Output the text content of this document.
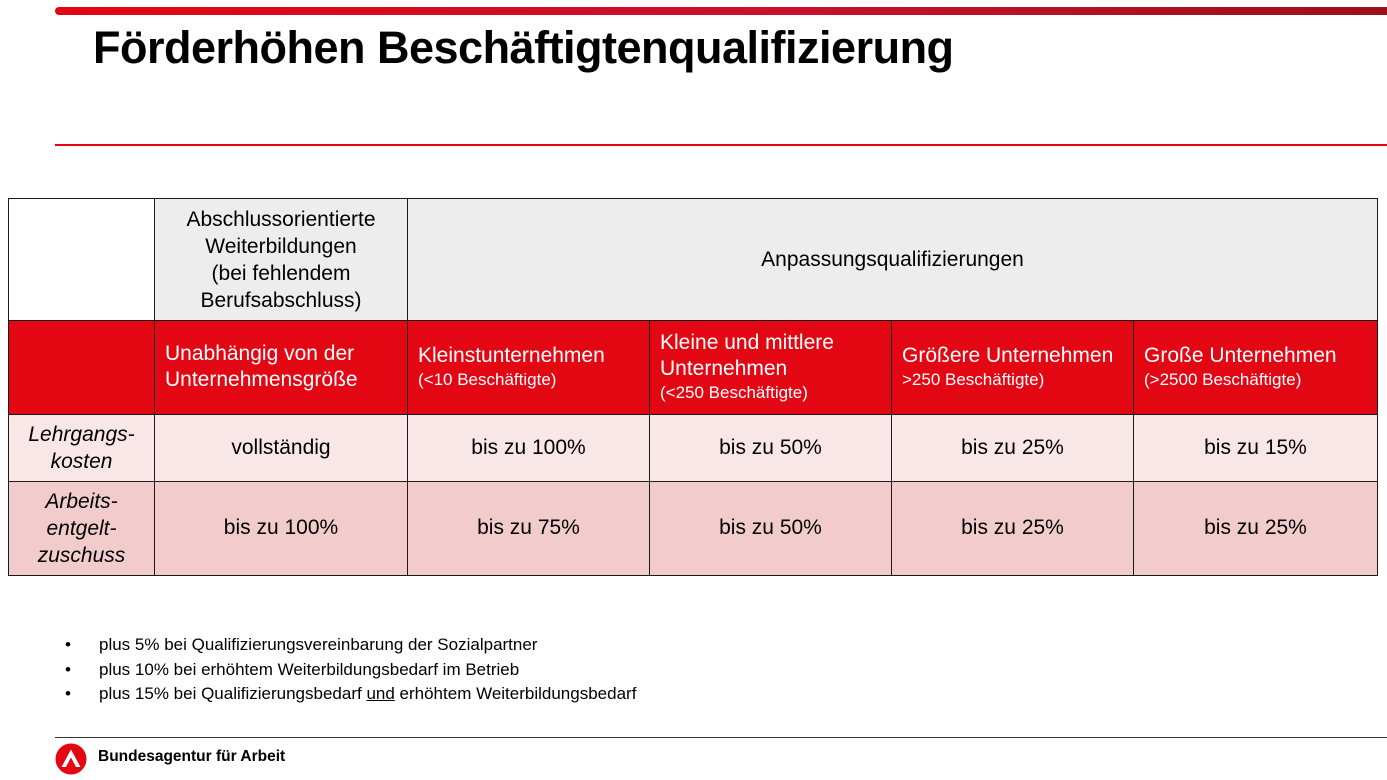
Förderhöhen Beschäftigtenqualifizierung
	Abschlussorientierte
Weiterbildungen
(bei fehlendem
Berufsabschluss)	Anpassungsqualifizierungen			

	Unabhängig von der
Unternehmensgröße	Kleinstunternehmen
(<10 Beschäftigte)	Kleine und mittlere
Unternehmen
(<250 Beschäftigte)	Größere Unternehmen
>250 Beschäftigte)	Große Unternehmen
(>2500 Beschäftigte)

Lehrgangs-
kosten	vollständig	bis zu 100%	bis zu 50%	bis zu 25%	bis zu 15%
Arbeits-
entgelt-
zuschuss	bis zu 100%	bis zu 75%	bis zu 50%	bis zu 25%	bis zu 25%
• plus 5% bei Qualifizierungsvereinbarung der Sozialpartner
• plus 10% bei erhöhtem Weiterbildungsbedarf im Betrieb
• plus 15% bei Qualifizierungsbedarf und erhöhtem Weiterbildungsbedarf
Bundesagentur für Arbeit
